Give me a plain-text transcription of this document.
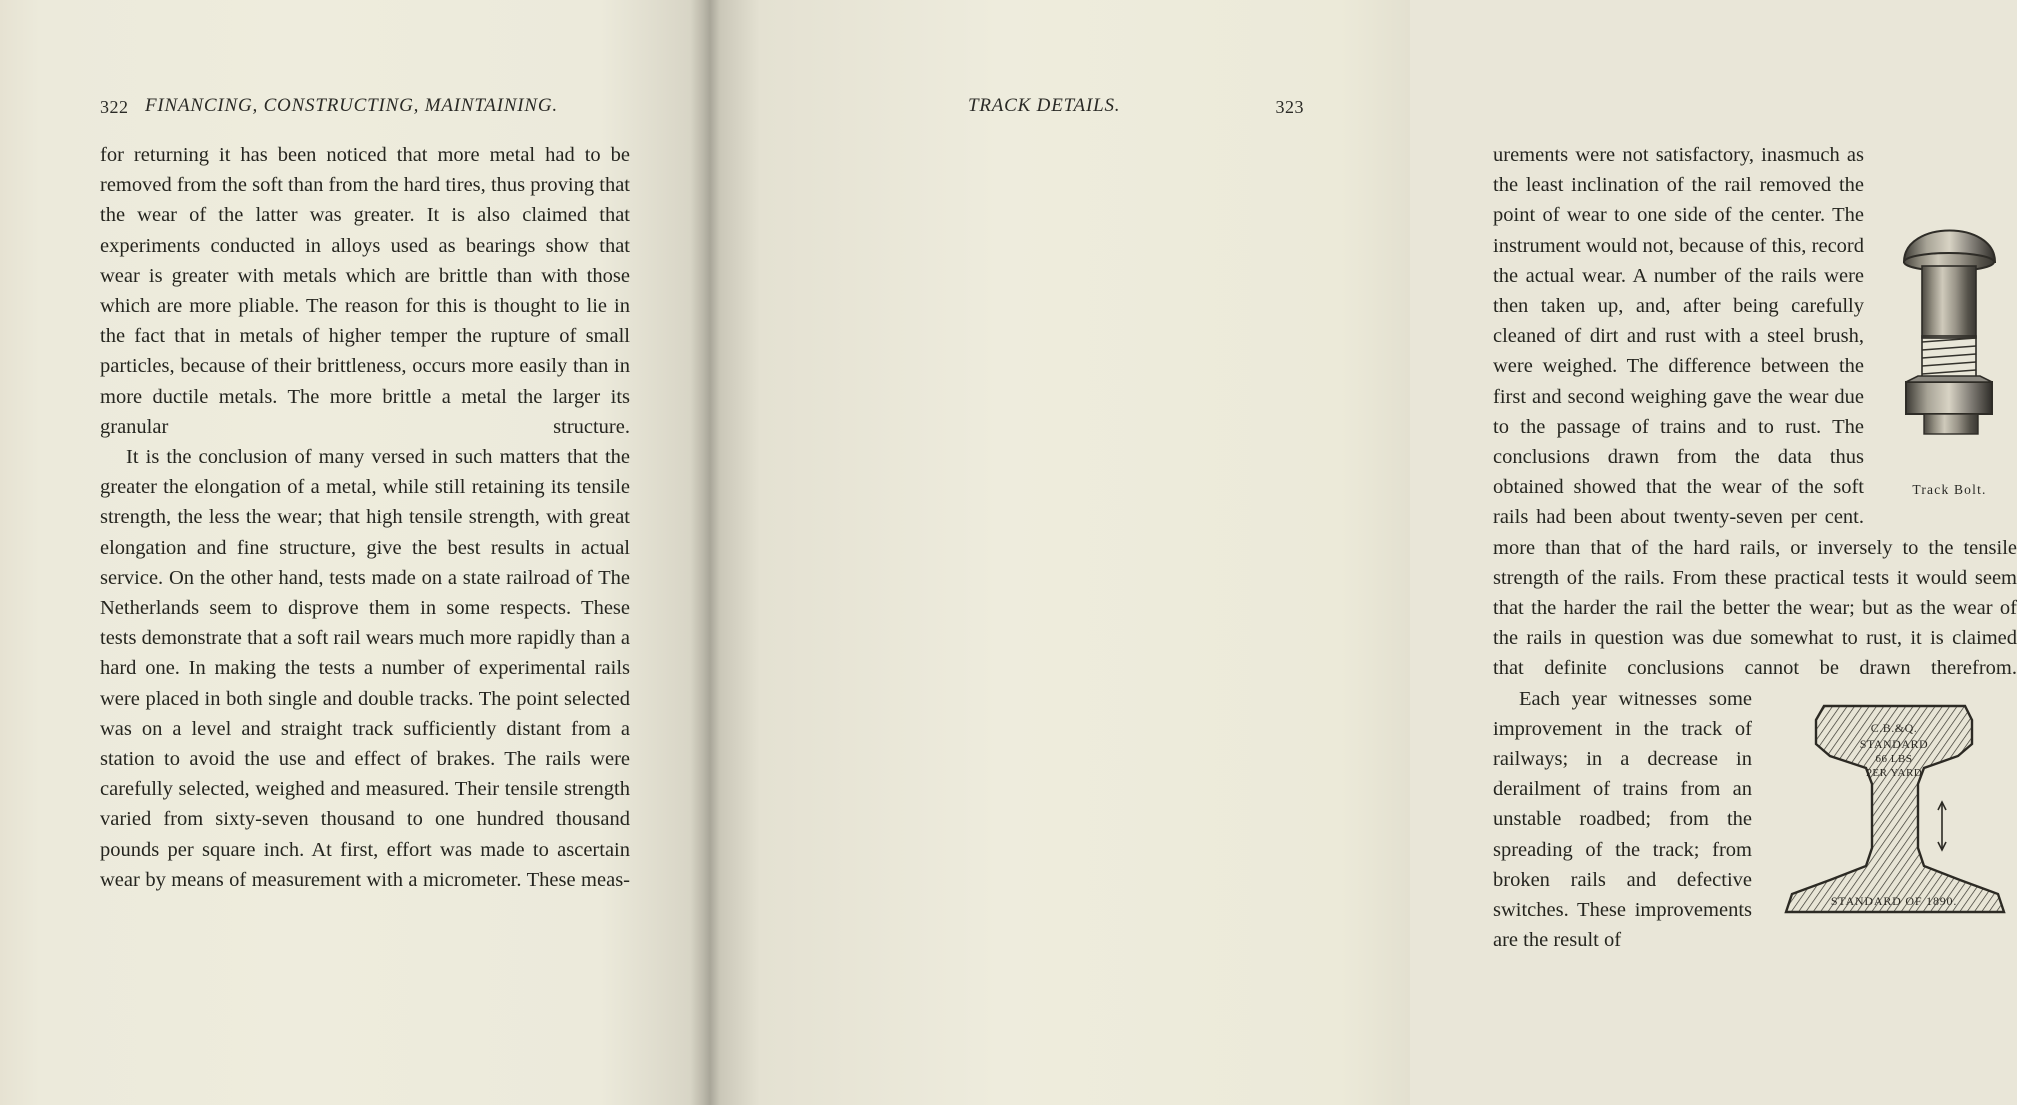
322 FINANCING, CONSTRUCTING, MAINTAINING.

for returning it has been noticed that more metal had to be removed from the soft than from the hard tires, thus proving that the wear of the latter was greater. It is also claimed that experiments conducted in alloys used as bearings show that wear is greater with metals which are brittle than with those which are more pliable. The reason for this is thought to lie in the fact that in metals of higher temper the rupture of small particles, because of their brittleness, occurs more easily than in more ductile metals. The more brittle a metal the larger its granular structure.

It is the conclusion of many versed in such matters that the greater the elongation of a metal, while still retaining its tensile strength, the less the wear; that high tensile strength, with great elongation and fine structure, give the best results in actual service. On the other hand, tests made on a state railroad of The Netherlands seem to disprove them in some respects. These tests demonstrate that a soft rail wears much more rapidly than a hard one. In making the tests a number of experimental rails were placed in both single and double tracks. The point selected was on a level and straight track sufficiently distant from a station to avoid the use and effect of brakes. The rails were carefully selected, weighed and measured. Their tensile strength varied from sixty-seven thousand to one hundred thousand pounds per square inch. At first, effort was made to ascertain wear by means of measurement with a micrometer. These meas-

TRACK DETAILS.	323
Track Bolt.

urements were not satisfactory, inasmuch as the least inclination of the rail removed the point of wear to one side of the center. The instrument would not, because of this, record the actual wear. A number of the rails were then taken up, and, after being carefully cleaned of dirt and rust with a steel brush, were weighed. The difference between the first and second weighing gave the wear due to the passage of trains and to rust. The conclusions drawn from the data thus obtained showed that the wear of the soft rails had been about twenty-seven per cent. more than that of the hard rails, or inversely to the tensile strength of the rails. From these practical tests it would seem that the harder the rail the better the wear; but as the wear of the rails in question was due somewhat to rust, it is claimed that definite conclusions cannot be drawn therefrom.

C.B.&Q.
STANDARD
66 LBS
PER YARD
STANDARD OF 1890.

Each year witnesses some improvement in the track of railways; in a decrease in derailment of trains from an unstable roadbed; from the spreading of the track; from broken rails and defective switches. These improvements are the result of
